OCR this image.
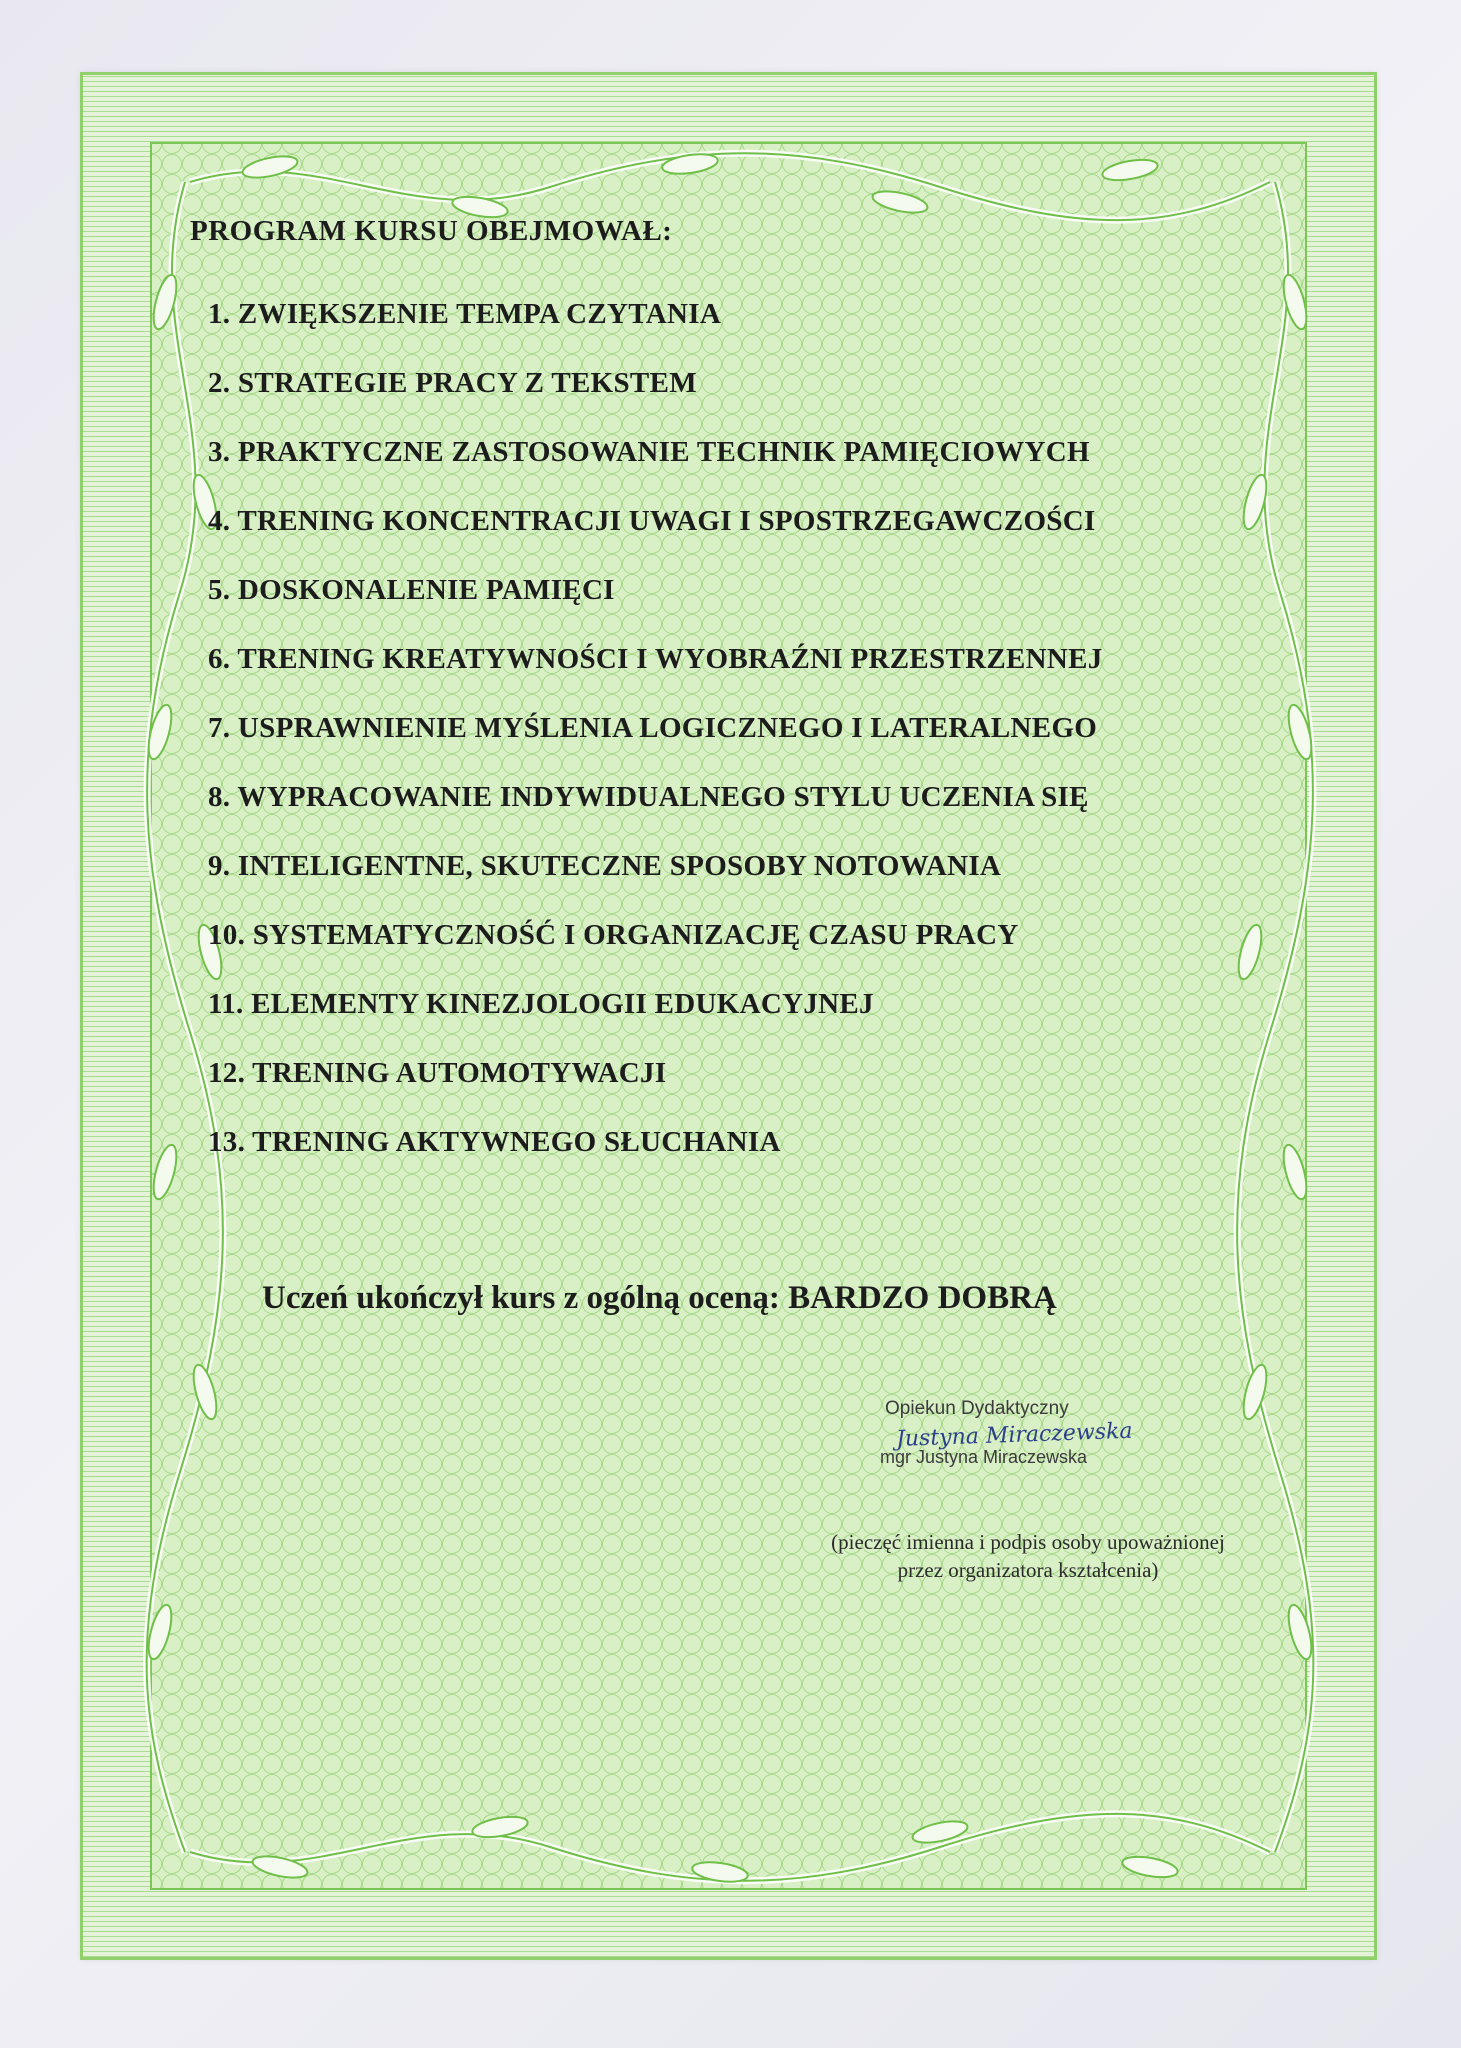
PROGRAM KURSU OBEJMOWAŁ:
1. ZWIĘKSZENIE TEMPA CZYTANIA
2. STRATEGIE PRACY Z TEKSTEM
3. PRAKTYCZNE ZASTOSOWANIE TECHNIK PAMIĘCIOWYCH
4. TRENING KONCENTRACJI UWAGI I SPOSTRZEGAWCZOŚCI
5. DOSKONALENIE PAMIĘCI
6. TRENING KREATYWNOŚCI I WYOBRAŹNI PRZESTRZENNEJ
7. USPRAWNIENIE MYŚLENIA LOGICZNEGO I LATERALNEGO
8. WYPRACOWANIE INDYWIDUALNEGO STYLU UCZENIA SIĘ
9. INTELIGENTNE, SKUTECZNE SPOSOBY NOTOWANIA
10. SYSTEMATYCZNOŚĆ I ORGANIZACJĘ CZASU PRACY
11. ELEMENTY KINEZJOLOGII EDUKACYJNEJ
12. TRENING AUTOMOTYWACJI
13. TRENING AKTYWNEGO SŁUCHANIA
Uczeń ukończył kurs z ogólną oceną: BARDZO DOBRĄ
Opiekun Dydaktyczny
Justyna Miraczewska
mgr Justyna Miraczewska
(pieczęć imienna i podpis osoby upoważnionej
przez organizatora kształcenia)
